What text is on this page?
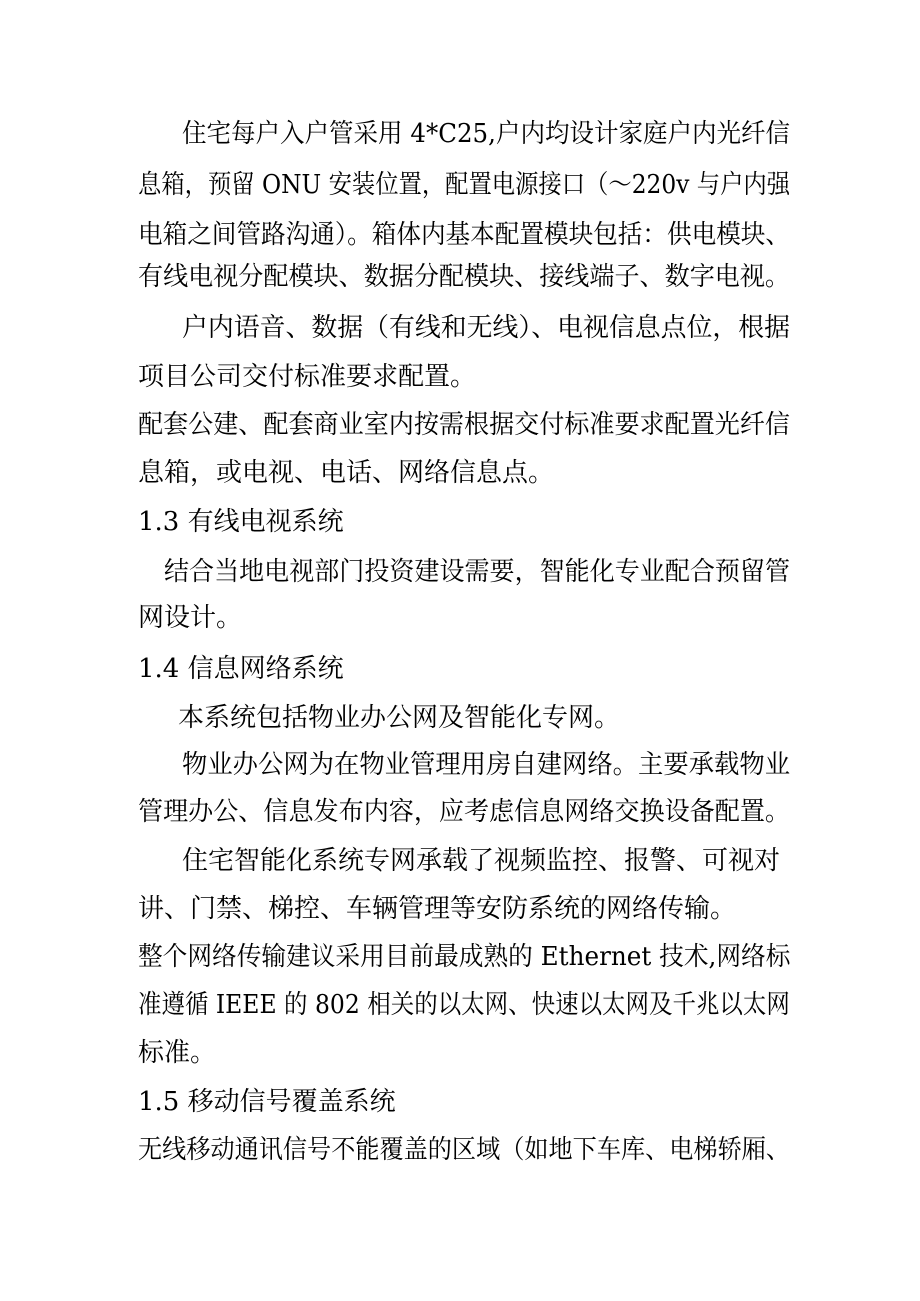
住宅每户入户管采用 4*C25,户内均设计家庭户内光纤信
息箱，预留 ONU 安装位置，配置电源接口（～220v 与户内强
电箱之间管路沟通）。箱体内基本配置模块包括：供电模块、
有线电视分配模块、数据分配模块、接线端子、数字电视。
户内语音、数据（有线和无线）、电视信息点位，根据
项目公司交付标准要求配置。
配套公建、配套商业室内按需根据交付标准要求配置光纤信
息箱，或电视、电话、网络信息点。
1.3 有线电视系统
结合当地电视部门投资建设需要，智能化专业配合预留管
网设计。
1.4 信息网络系统
本系统包括物业办公网及智能化专网。
物业办公网为在物业管理用房自建网络。主要承载物业
管理办公、信息发布内容，应考虑信息网络交换设备配置。
住宅智能化系统专网承载了视频监控、报警、可视对
讲、门禁、梯控、车辆管理等安防系统的网络传输。
整个网络传输建议采用目前最成熟的 Ethernet 技术,网络标
准遵循 IEEE 的 802 相关的以太网、快速以太网及千兆以太网
标准。
1.5 移动信号覆盖系统
无线移动通讯信号不能覆盖的区域（如地下车库、电梯轿厢、
